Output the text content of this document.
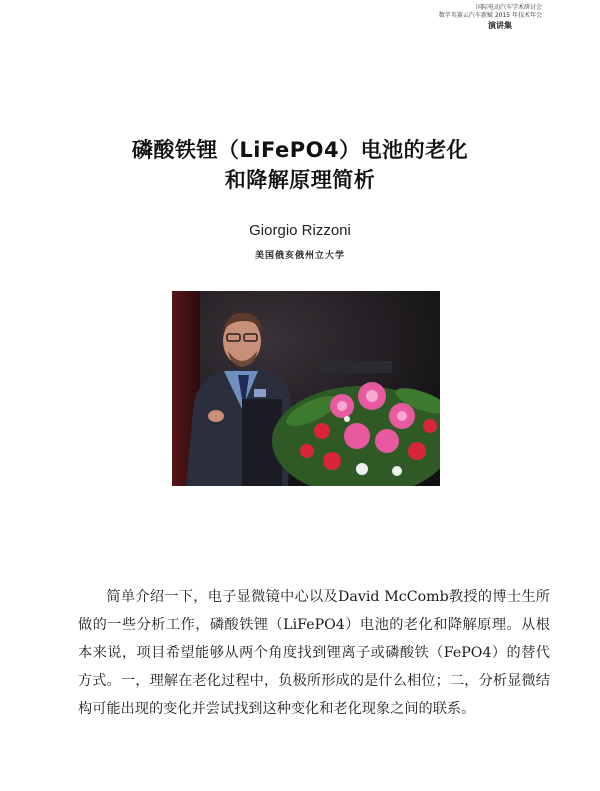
国际电动汽车学术研讨会
数字英赛云汽车新赋 2015 年技术年会
演讲集
磷酸铁锂（LiFePO4）电池的老化
和降解原理简析
Giorgio Rizzoni
美国俄亥俄州立大学
简单介绍一下，电子显微镜中心以及David McComb教授的博士生所做的一些分析工作，磷酸铁锂（LiFePO4）电池的老化和降解原理。从根本来说，项目希望能够从两个角度找到锂离子或磷酸铁（FePO4）的替代方式。一，理解在老化过程中，负极所形成的是什么相位；二，分析显微结构可能出现的变化并尝试找到这种变化和老化现象之间的联系。
